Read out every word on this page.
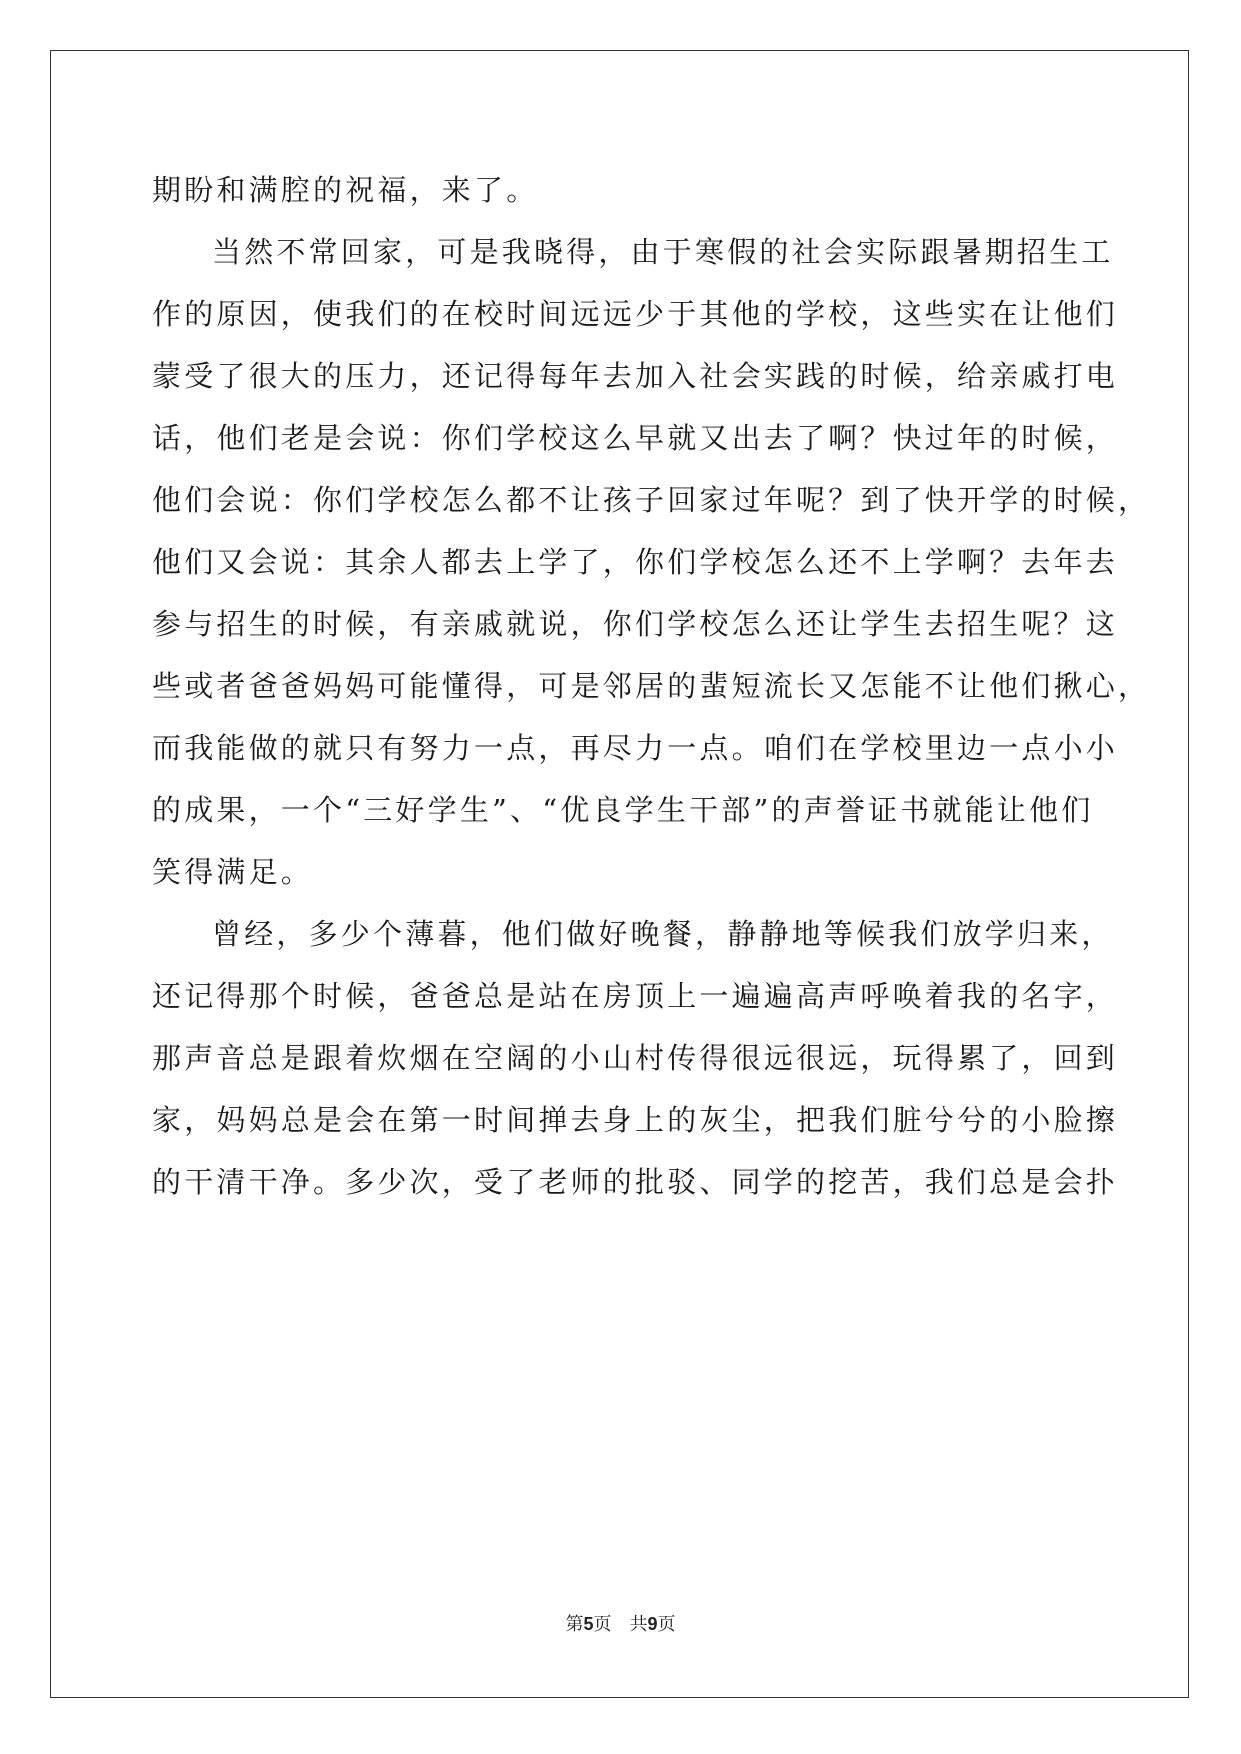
期盼和满腔的祝福，来了。
当然不常回家，可是我晓得，由于寒假的社会实际跟暑期招生工
作的原因，使我们的在校时间远远少于其他的学校，这些实在让他们
蒙受了很大的压力，还记得每年去加入社会实践的时候，给亲戚打电
话，他们老是会说：你们学校这么早就又出去了啊？快过年的时候，
他们会说：你们学校怎么都不让孩子回家过年呢？到了快开学的时候，
他们又会说：其余人都去上学了，你们学校怎么还不上学啊？去年去
参与招生的时候，有亲戚就说，你们学校怎么还让学生去招生呢？这
些或者爸爸妈妈可能懂得，可是邻居的蜚短流长又怎能不让他们揪心，
而我能做的就只有努力一点，再尽力一点。咱们在学校里边一点小小
的成果，一个“三好学生”、“优良学生干部”的声誉证书就能让他们
笑得满足。
曾经，多少个薄暮，他们做好晚餐，静静地等候我们放学归来，
还记得那个时候，爸爸总是站在房顶上一遍遍高声呼唤着我的名字，
那声音总是跟着炊烟在空阔的小山村传得很远很远，玩得累了，回到
家，妈妈总是会在第一时间掸去身上的灰尘，把我们脏兮兮的小脸擦
的干清干净。多少次，受了老师的批驳、同学的挖苦，我们总是会扑
第5页 共9页
